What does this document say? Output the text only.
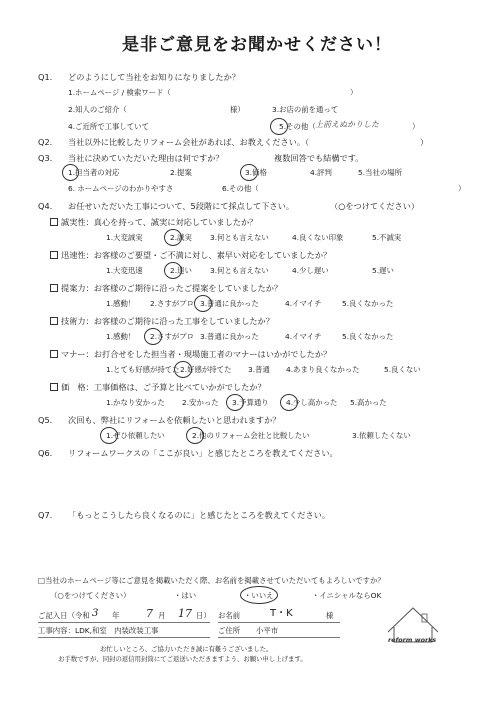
是非ご意見をお聞かせください！
Q1. どのようにして当社をお知りになりましたか？
1.ホームページ / 検索ワード（	）
2.知人のご紹介（	様）	3.お店の前を通って
4.ご近所で工事していて	5.その他（ 上前えぬかりした	）
Q2. 当社以外に比較したリフォーム会社があれば、お教えください。（	）
Q3. 当社に決めていただいた理由は何ですか？	複数回答でも結構です。
1.担当者の対応	2.提案	3.価格	4.評判	5.当社の場所
6. ホームページのわかりやすさ	6.その他（	）
Q4. お任せいただいた工事について、5段階にて採点して下さい。	（○をつけてください）
誠実性：真心を持って、誠実に対応していましたか？
1.大変誠実	2.誠実 3.何とも言えない	4.良くない印象	5.不誠実
迅速性：お客様のご要望・ご不満に対し、素早い対応をしていましたか？
1.大変迅速	2.速い 3.何とも言えない	4.少し遅い	5.遅い
提案力：お客様のご期待に沿ったご提案をしていましたか？
1.感動！ 2.さすがプロ 3.普通に良かった	4.イマイチ	5.良くなかった
技術力：お客様のご期待に沿った工事をしていましたか？
1.感動！ 2.さすがプロ 3.普通に良かった	4.イマイチ	5.良くなかった
マナー：お打合せをした担当者・現場施工者のマナーはいかがでしたか？
1.とても好感が持てた 2.好感が持てた 3.普通 4.あまり良くなかった	5.良くない
価　格：工事価格は、ご予算と比べていかがでしたか？
1.かなり安かった 2.安かった 3.予算通り 4.少し高かった 5.高かった
Q5. 次回も、弊社にリフォームを依頼したいと思われますか？
1.ぜひ依頼したい	2.他のリフォーム会社と比較したい	3.依頼したくない
Q6. リフォームワークスの「ここが良い」と感じたところを教えてください。
Q7. 「もっとこうしたら良くなるのに」と感じたところを教えてください。
□当社のホームページ等にご意見を掲載いただく際、お名前を掲載させていただいてもよろしいですか？
（○をつけてください）	・はい	・いいえ	・イニシャルならOK
ご記入日（令和 3 年 7 月 17 日） お名前	T・K	様
工事内容：LDK,和室　内装改装工事	ご住所 小平市
お忙しいところ、ご協力いただき誠に有難うございました。
お手数ですが、同封の返信用封筒にてご返送いただきますよう、お願い申し上げます。
reform works
